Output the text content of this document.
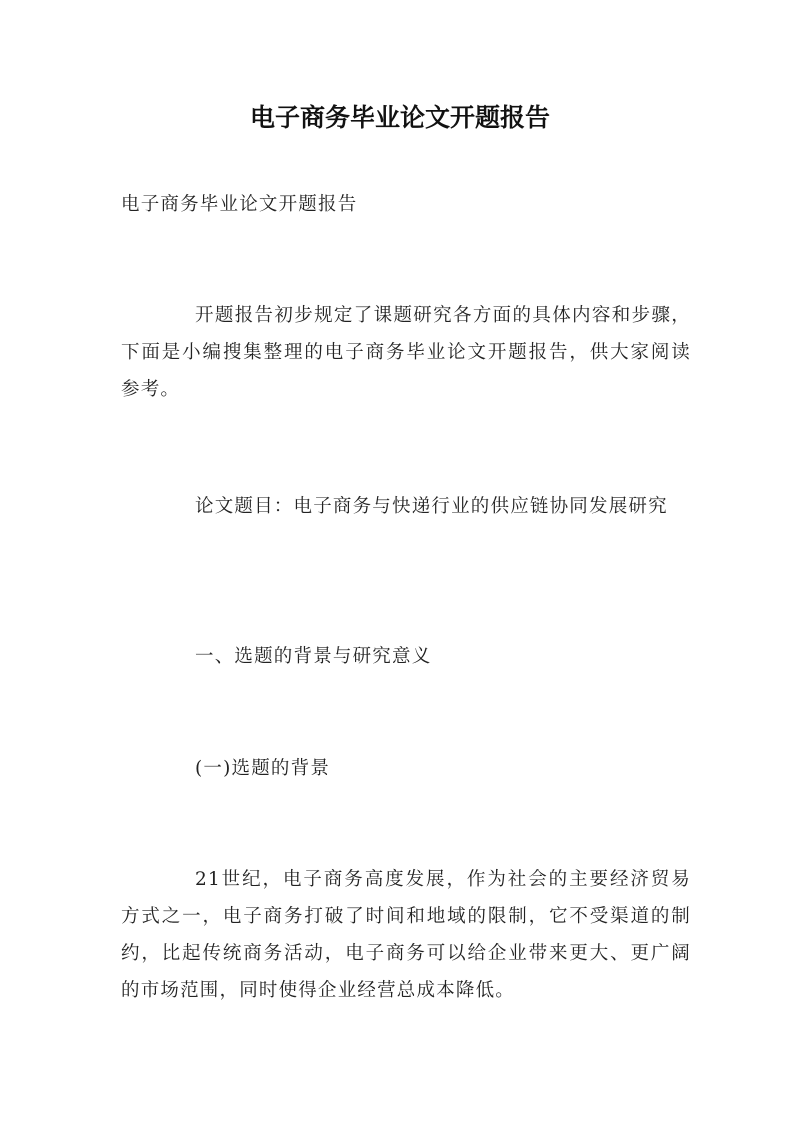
电子商务毕业论文开题报告

电子商务毕业论文开题报告

开题报告初步规定了课题研究各方面的具体内容和步骤，下面是小编搜集整理的电子商务毕业论文开题报告，供大家阅读参考。

论文题目：电子商务与快递行业的供应链协同发展研究

一、选题的背景与研究意义

(一)选题的背景

21世纪，电子商务高度发展，作为社会的主要经济贸易方式之一，电子商务打破了时间和地域的限制，它不受渠道的制约，比起传统商务活动，电子商务可以给企业带来更大、更广阔的市场范围，同时使得企业经营总成本降低。
